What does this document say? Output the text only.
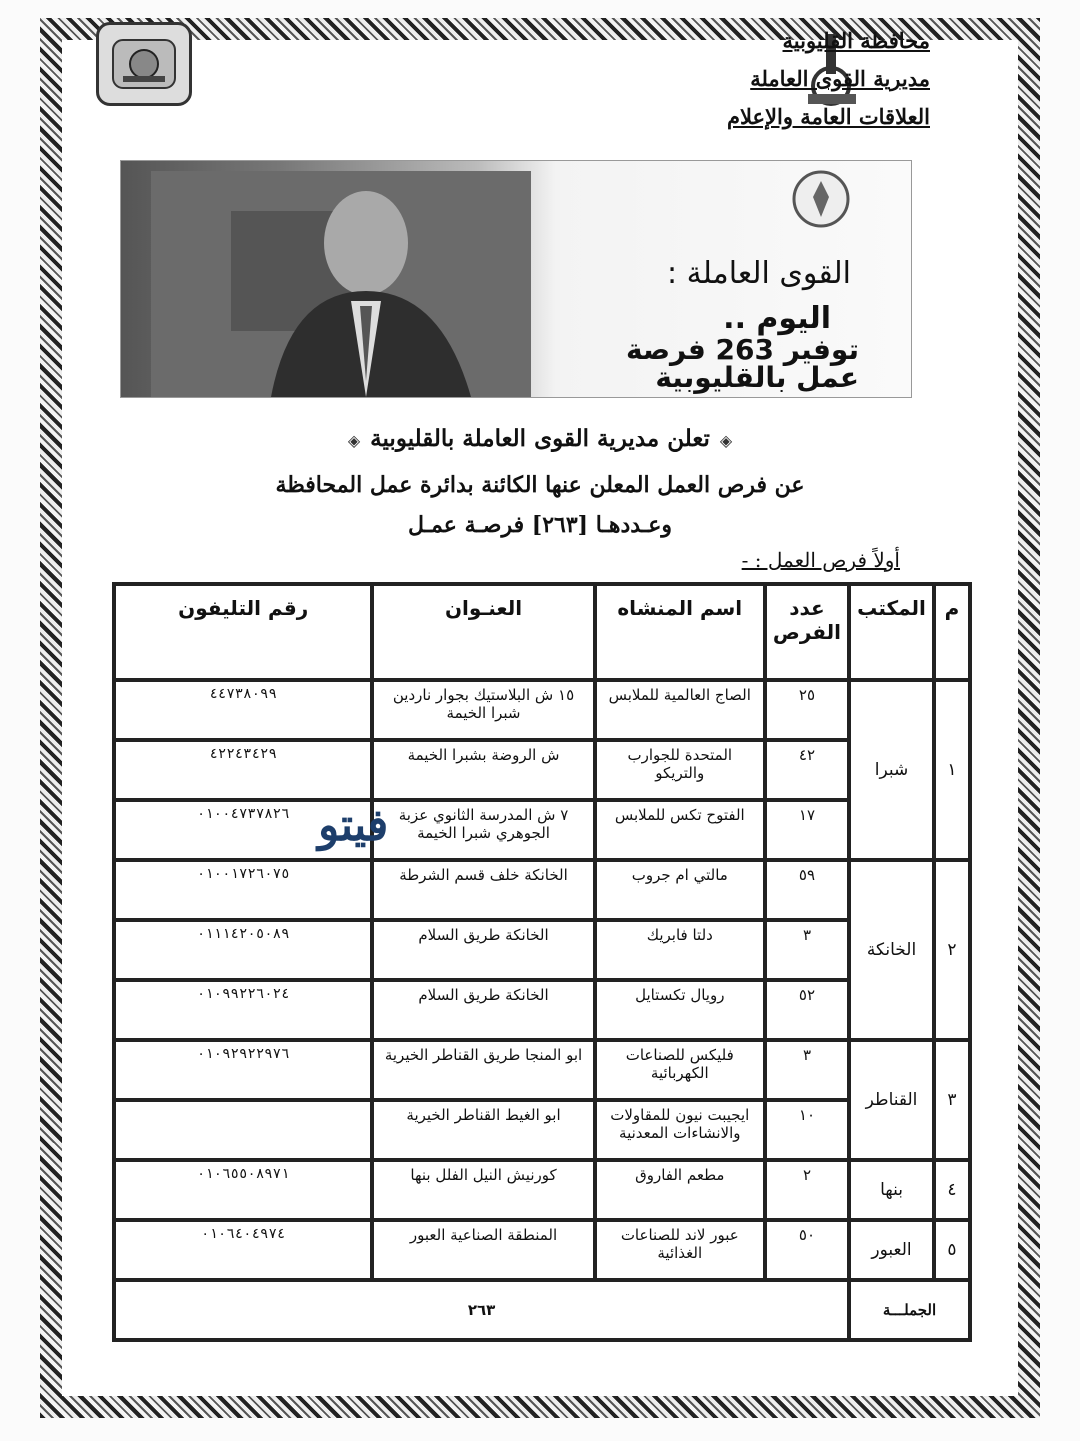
محافظة القليوبية
مديرية القوى العاملة
العلاقات العامة والإعلام
القوى العاملة :
اليوم ..
توفير 263 فرصة
عمل بالقليوبية
◈تعلن مديرية القوى العاملة بالقليوبية◈
عن فرص العمل المعلن عنها الكائنة بدائرة عمل المحافظة
وعـددهـا [٢٦٣] فرصـة عمـل
أولاً فرص العمل : -
م	المكتب	عدد الفرص	اسم المنشاه	العنـوان	رقم التليفون
١	شبرا	٢٥	الصاج العالمية للملابس	١٥ ش البلاستيك بجوار ناردين شبرا الخيمة	٤٤٧٣٨٠٩٩
		٤٢	المتحدة للجوارب والتريكو	ش الروضة بشبرا الخيمة	٤٢٢٤٣٤٢٩
		١٧	الفتوح تكس للملابس	٧ ش المدرسة الثانوي عزبة الجوهري شبرا الخيمة	٠١٠٠٤٧٣٧٨٢٦
٢	الخانكة	٥٩	مالتي ام جروب	الخانكة خلف قسم الشرطة	٠١٠٠١٧٢٦٠٧٥
		٣	دلتا فابريك	الخانكة طريق السلام	٠١١١٤٢٠٥٠٨٩
		٥٢	رويال تكستايل	الخانكة طريق السلام	٠١٠٩٩٢٢٦٠٢٤
٣	القناطر	٣	فليكس للصناعات الكهربائية	ابو المنجا طريق القناطر الخيرية	٠١٠٩٢٩٢٢٩٧٦
		١٠	ايجيبت نيون للمقاولات والانشاءات المعدنية	ابو الغيط القناطر الخيرية	
٤	بنها	٢	مطعم الفاروق	كورنيش النيل الفلل بنها	٠١٠٦٥٥٠٨٩٧١
٥	العبور	٥٠	عبور لاند للصناعات الغذائية	المنطقة الصناعية العبور	٠١٠٦٤٠٤٩٧٤
الجملـــة		٢٦٣			
فيتو
